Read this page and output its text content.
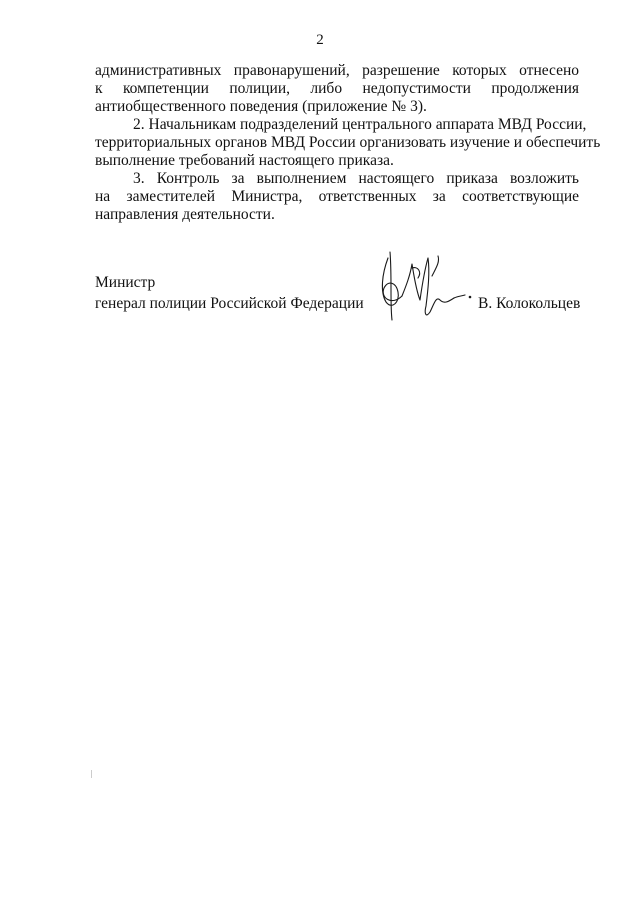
2
административных правонарушений, разрешение которых отнесено
к компетенции полиции, либо недопустимости продолжения
антиобщественного поведения (приложение № 3).
2. Начальникам подразделений центрального аппарата МВД России,
территориальных органов МВД России организовать изучение и обеспечить
выполнение требований настоящего приказа.
3. Контроль за выполнением настоящего приказа возложить
на заместителей Министра, ответственных за соответствующие
направления деятельности.
Министр
генерал полиции Российской Федерации	В. Колокольцев
